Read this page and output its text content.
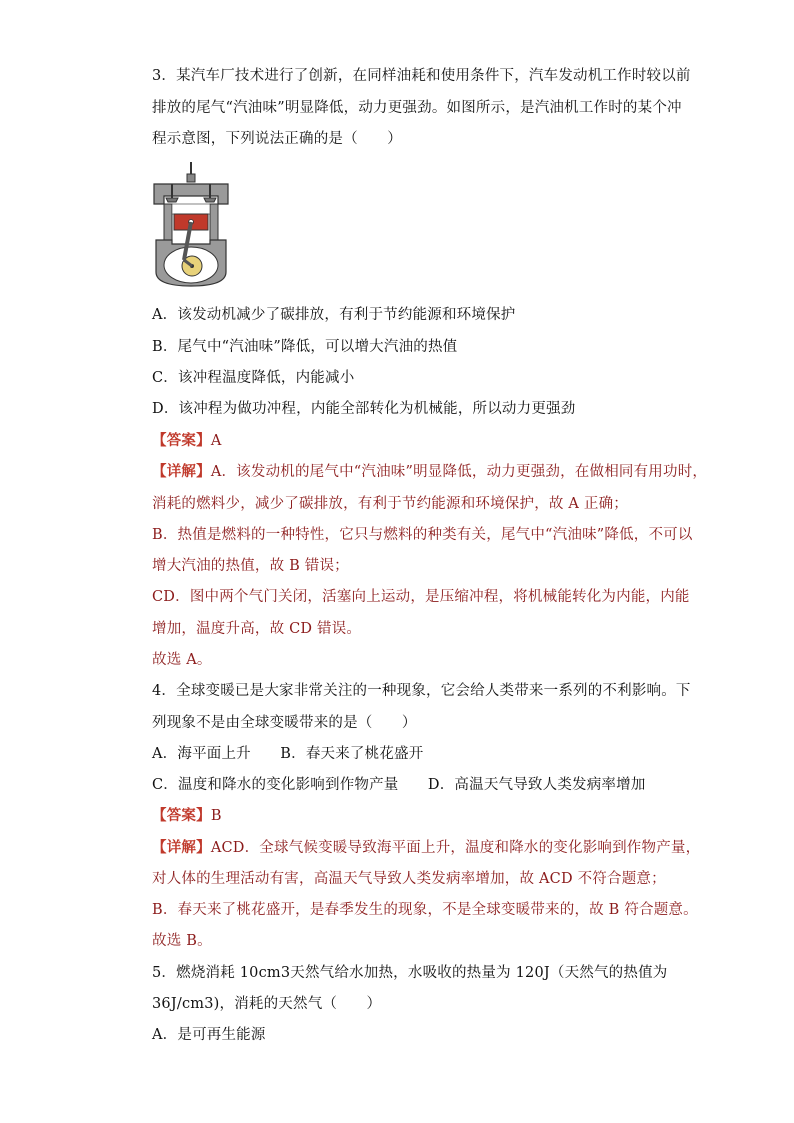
3．某汽车厂技术进行了创新，在同样油耗和使用条件下，汽车发动机工作时较以前
排放的尾气“汽油味”明显降低，动力更强劲。如图所示，是汽油机工作时的某个冲
程示意图，下列说法正确的是（　　）
A．该发动机减少了碳排放，有利于节约能源和环境保护
B．尾气中“汽油味”降低，可以增大汽油的热值
C．该冲程温度降低，内能减小
D．该冲程为做功冲程，内能全部转化为机械能，所以动力更强劲
【答案】A
【详解】A．该发动机的尾气中“汽油味”明显降低，动力更强劲，在做相同有用功时，
消耗的燃料少，减少了碳排放，有利于节约能源和环境保护，故 A 正确；
B．热值是燃料的一种特性，它只与燃料的种类有关，尾气中“汽油味”降低，不可以
增大汽油的热值，故 B 错误；
CD．图中两个气门关闭，活塞向上运动，是压缩冲程，将机械能转化为内能，内能
增加，温度升高，故 CD 错误。
故选 A。
4．全球变暖已是大家非常关注的一种现象，它会给人类带来一系列的不利影响。下
列现象不是由全球变暖带来的是（　　）
A．海平面上升　　B．春天来了桃花盛开
C．温度和降水的变化影响到作物产量　　D．高温天气导致人类发病率增加
【答案】B
【详解】ACD．全球气候变暖导致海平面上升，温度和降水的变化影响到作物产量，
对人体的生理活动有害，高温天气导致人类发病率增加，故 ACD 不符合题意；
B．春天来了桃花盛开，是春季发生的现象，不是全球变暖带来的，故 B 符合题意。
故选 B。
5．燃烧消耗 10cm3天然气给水加热，水吸收的热量为 120J（天然气的热值为
36J/cm3)，消耗的天然气（　　）
A．是可再生能源
